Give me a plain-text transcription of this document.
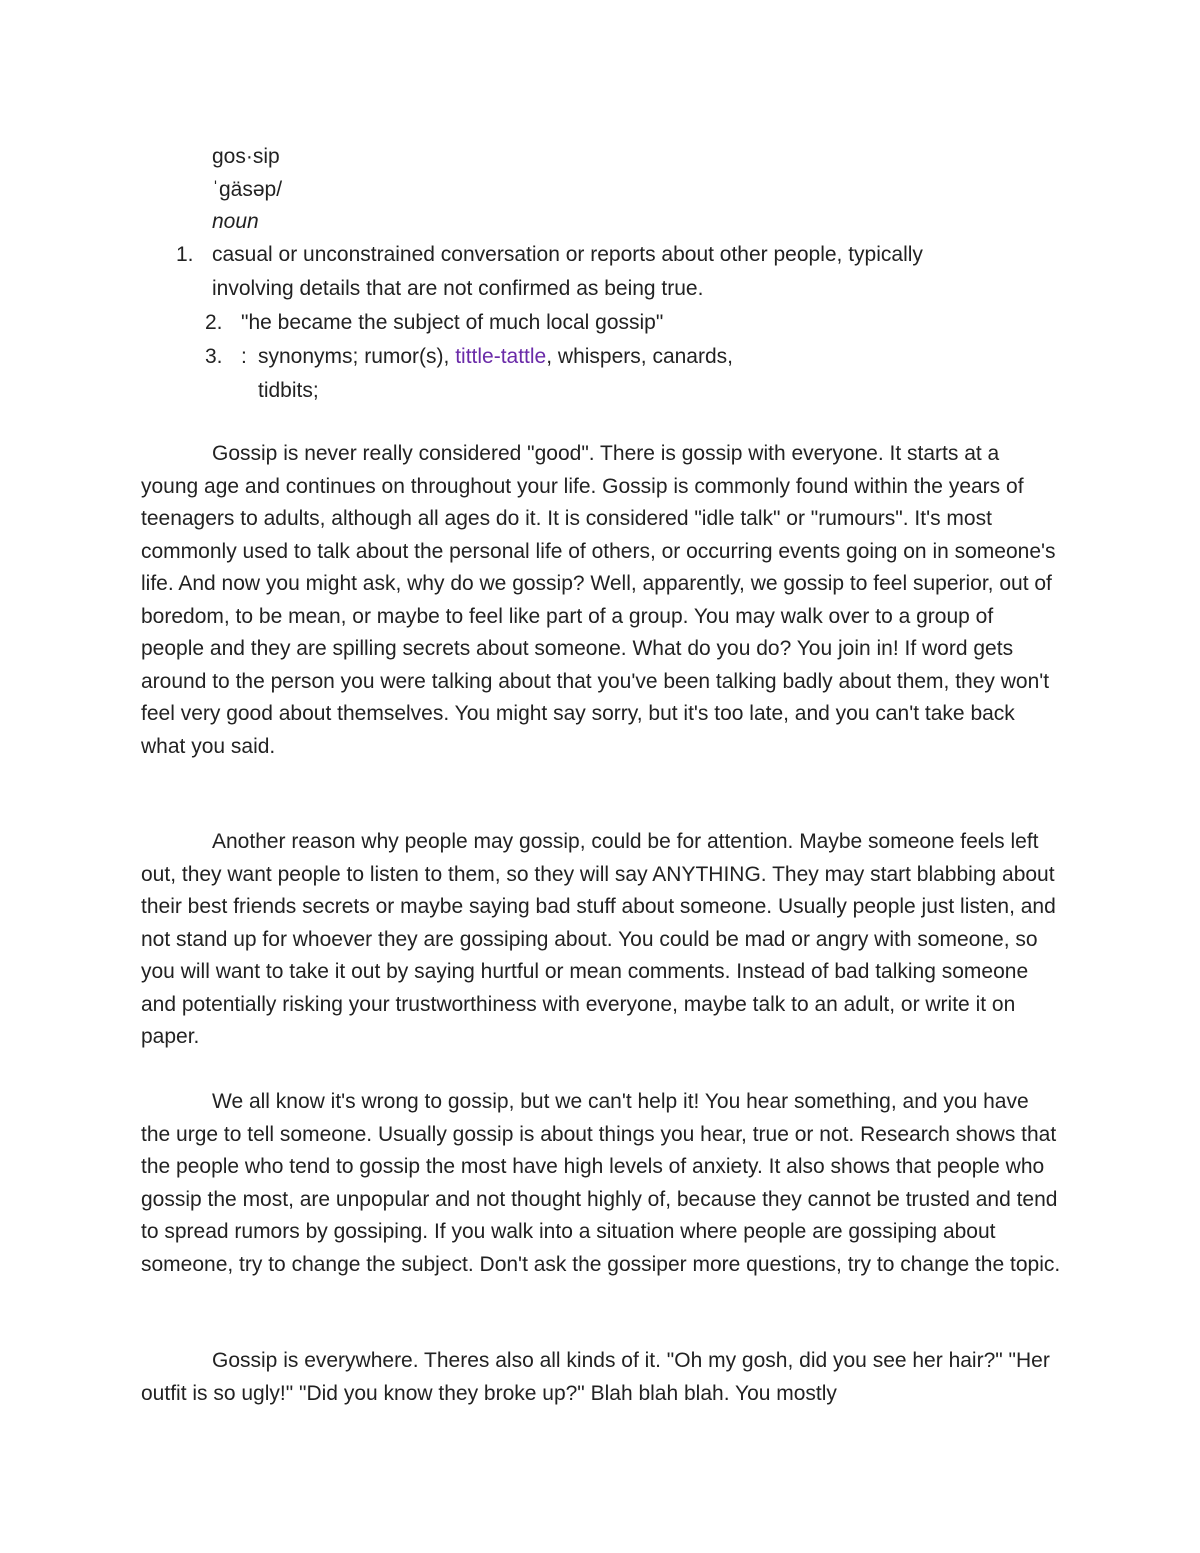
gos·sip
ˈgäsəp/
noun
1. casual or unconstrained conversation or reports about other people, typically
involving details that are not confirmed as being true.
2. "he became the subject of much local gossip"
3. : synonyms; rumor(s), tittle-tattle, whispers, canards,
tidbits;
Gossip is never really considered "good". There is gossip with everyone. It starts at a young age and continues on throughout your life. Gossip is commonly found within the years of teenagers to adults, although all ages do it. It is considered "idle talk" or "rumours". It's most commonly used to talk about the personal life of others, or occurring events going on in someone's life. And now you might ask, why do we gossip? Well, apparently, we gossip to feel superior, out of boredom, to be mean, or maybe to feel like part of a group. You may walk over to a group of people and they are spilling secrets about someone. What do you do? You join in! If word gets around to the person you were talking about that you've been talking badly about them, they won't feel very good about themselves. You might say sorry, but it's too late, and you can't take back what you said.
Another reason why people may gossip, could be for attention. Maybe someone feels left out, they want people to listen to them, so they will say ANYTHING. They may start blabbing about their best friends secrets or maybe saying bad stuff about someone. Usually people just listen, and not stand up for whoever they are gossiping about. You could be mad or angry with someone, so you will want to take it out by saying hurtful or mean comments. Instead of bad talking someone and potentially risking your trustworthiness with everyone, maybe talk to an adult, or write it on paper.
We all know it's wrong to gossip, but we can't help it! You hear something, and you have the urge to tell someone. Usually gossip is about things you hear, true or not. Research shows that the people who tend to gossip the most have high levels of anxiety. It also shows that people who gossip the most, are unpopular and not thought highly of, because they cannot be trusted and tend to spread rumors by gossiping. If you walk into a situation where people are gossiping about someone, try to change the subject. Don't ask the gossiper more questions, try to change the topic.
Gossip is everywhere. Theres also all kinds of it. "Oh my gosh, did you see her hair?" "Her outfit is so ugly!" "Did you know they broke up?" Blah blah blah. You mostly
